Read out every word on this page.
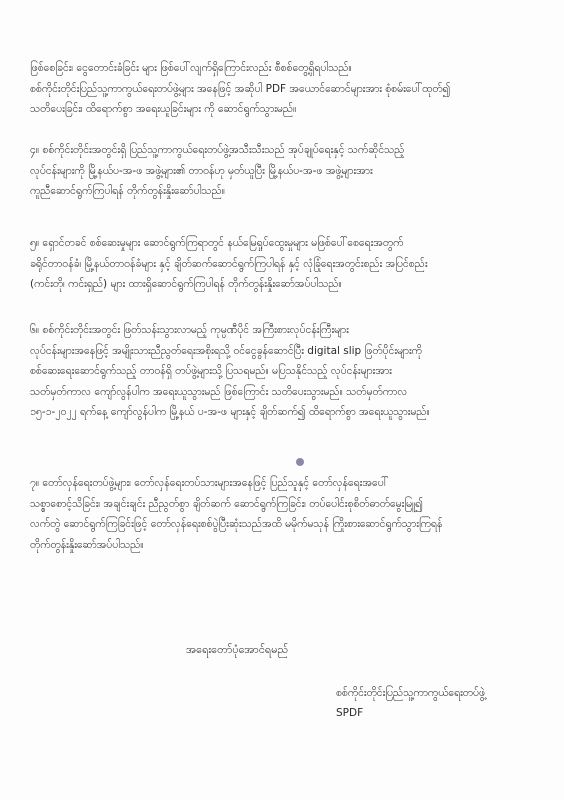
ဖြစ်စေခြင်း၊ ငွေတောင်းခံခြင်း များ ဖြစ်ပေါ်လျက်ရှိကြောင်းလည်း စီစစ်တွေ့ရှိရပါသည်။
စစ်ကိုင်းတိုင်းပြည်သူ့ကာကွယ်ရေးတပ်ဖွဲ့များ အနေဖြင့် အဆိုပါ PDF အယောင်ဆောင်များအား စုံစမ်းပေါ်ထုတ်၍
သတိပေးခြင်း၊ ထိရောက်စွာ အရေးယူခြင်းများ ကို ဆောင်ရွက်သွားမည်။
၄။ စစ်ကိုင်းတိုင်းအတွင်းရှိ ပြည်သူ့ကာကွယ်ရေးတပ်ဖွဲ့အသီးသီးသည် အုပ်ချုပ်ရေးနှင့် သက်ဆိုင်သည့်
လုပ်ငန်းများကို မြို့နယ်ပ-အ-ဖ အဖွဲ့များ၏ တာဝန်ဟု မှတ်ယူပြီး မြို့နယ်ပ-အ-ဖ အဖွဲ့များအား
ကူညီဆောင်ရွက်ကြပါရန် တိုက်တွန်းနှိုးဆော်ပါသည်။
၅။ ရှောင်တခင် စစ်ဆေးမှုများ ဆောင်ရွက်ကြရာတွင် နယ်မြေရှုပ်ထွေးမှုများ မဖြစ်ပေါ်စေရေးအတွက်
ခရိုင်တာဝန်ခံ၊ မြို့နယ်တာဝန်ခံများ နှင့် ချိတ်ဆက်ဆောင်ရွက်ကြပါရန် နှင့် လုံခြုံရေးအတွင်းစည်း အပြင်စည်း
(ကင်းတို၊ ကင်းရှည်) များ ထားရှိဆောင်ရွက်ကြပါရန် တိုက်တွန်းနှိုးဆော်အပ်ပါသည်။
၆။ စစ်ကိုင်းတိုင်းအတွင်း ဖြတ်သန်းသွားလာမည့် ကုမ္ပဏီပိုင် အကြီးစားလုပ်ငန်းကြီးများ
လုပ်ငန်းများအနေဖြင့် အမျိုးသားညီညွတ်ရေးအစိုးရသို့ ဝင်ငွေခွန်ဆောင်ပြီး digital slip ဖြတ်ပိုင်းများကို
စစ်ဆေးရေးဆောင်ရွက်သည့် တာဝန်ရှိ တပ်ဖွဲ့များသို့ ပြသရမည်။ မပြသနိုင်သည့် လုပ်ငန်းများအား
သတ်မှတ်ကာလ ကျော်လွန်ပါက အရေးယူသွားမည် ဖြစ်ကြောင်း သတိပေးသွားမည်။ သတ်မှတ်ကာလ
၁၅-၁-၂၀၂၂ ရက်နေ့ ကျော်လွန်ပါက မြို့နယ် ပ-အ-ဖ များနှင့် ချိတ်ဆက်၍ ထိရောက်စွာ အရေးယူသွားမည်။
၇။ တော်လှန်ရေးတပ်ဖွဲ့များ၊ တော်လှန်ရေးတပ်သားများအနေဖြင့် ပြည်သူနှင့် တော်လှန်ရေးအပေါ်
သစ္စာစောင့်သိခြင်း၊ အချင်းချင်း ညီညွတ်စွာ ချိတ်ဆက် ဆောင်ရွက်ကြခြင်း၊ တပ်ပေါင်းစုစိတ်ဓာတ်မွေးမြူ၍
လက်တွဲ ဆောင်ရွက်ကြခြင်းဖြင့် တော်လှန်ရေးစစ်ပွဲပြီးဆုံးသည်အထိ မမိုက်မသုန် ကြိုးစားဆောင်ရွက်သွားကြရန်
တိုက်တွန်းနှိုးဆော်အပ်ပါသည်။
အရေးတော်ပုံအောင်ရမည်
စစ်ကိုင်းတိုင်းပြည်သူ့ကာကွယ်ရေးတပ်ဖွဲ့
SPDF
